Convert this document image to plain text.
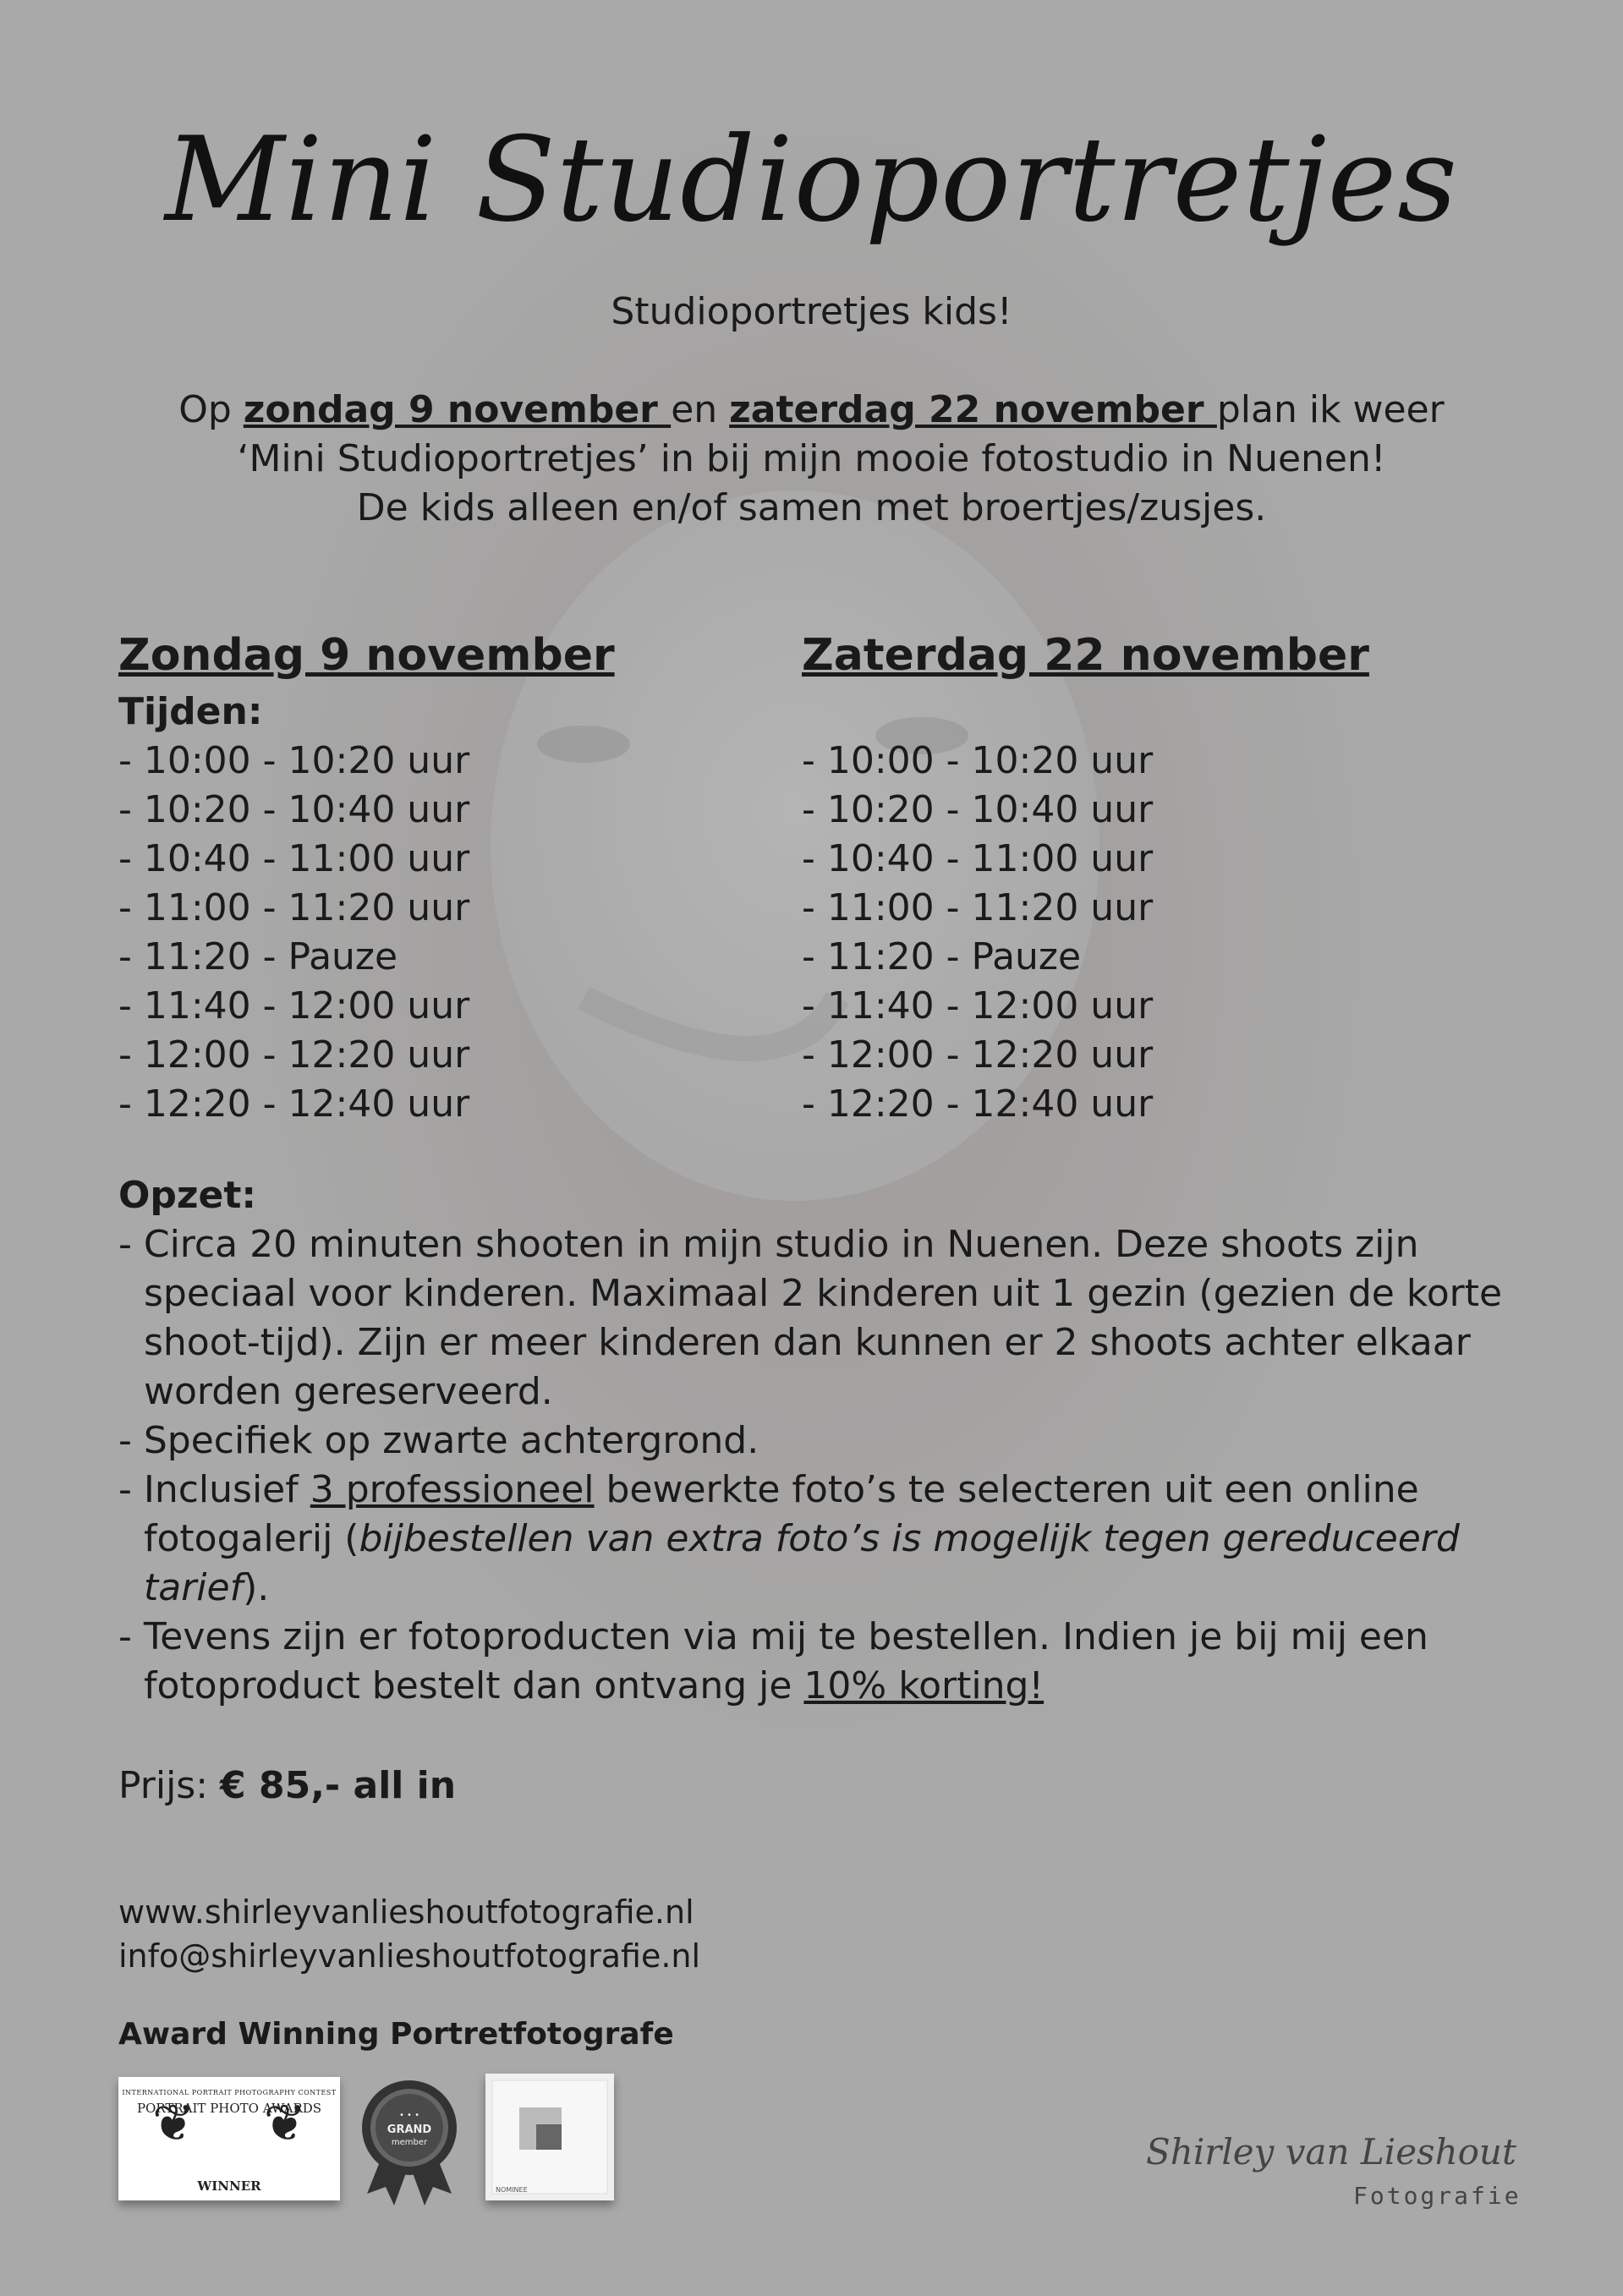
Mini Studioportretjes
Studioportretjes kids!
Op zondag 9 november en zaterdag 22 november plan ik weer
‘Mini Studioportretjes’ in bij mijn mooie fotostudio in Nuenen!
De kids alleen en/of samen met broertjes/zusjes.
Zondag 9 november
Tijden:
- 10:00 - 10:20 uur
- 10:20 - 10:40 uur
- 10:40 - 11:00 uur
- 11:00 - 11:20 uur
- 11:20 - Pauze
- 11:40 - 12:00 uur
- 12:00 - 12:20 uur
- 12:20 - 12:40 uur
Zaterdag 22 november

- 10:00 - 10:20 uur
- 10:20 - 10:40 uur
- 10:40 - 11:00 uur
- 11:00 - 11:20 uur
- 11:20 - Pauze
- 11:40 - 12:00 uur
- 12:00 - 12:20 uur
- 12:20 - 12:40 uur
Opzet:
- Circa 20 minuten shooten in mijn studio in Nuenen. Deze shoots zijn speciaal voor kinderen. Maximaal 2 kinderen uit 1 gezin (gezien de korte shoot-tijd). Zijn er meer kinderen dan kunnen er 2 shoots achter elkaar worden gereserveerd.
- Specifiek op zwarte achtergrond.
- Inclusief 3 professioneel bewerkte foto’s te selecteren uit een online fotogalerij (bijbestellen van extra foto’s is mogelijk tegen gereduceerd tarief).
- Tevens zijn er fotoproducten via mij te bestellen. Indien je bij mij een fotoproduct bestelt dan ontvang je 10% korting!
Prijs: € 85,- all in
www.shirleyvanlieshoutfotografie.nl
info@shirleyvanlieshoutfotografie.nl
Award Winning Portretfotografe
❦ ❦
INTERNATIONAL PORTRAIT PHOTOGRAPHY CONTEST
PORTRAIT PHOTO AWARDS
WINNER
• • •
GRAND
member
NOMINEE
Shirley van Lieshout
Fotografie
